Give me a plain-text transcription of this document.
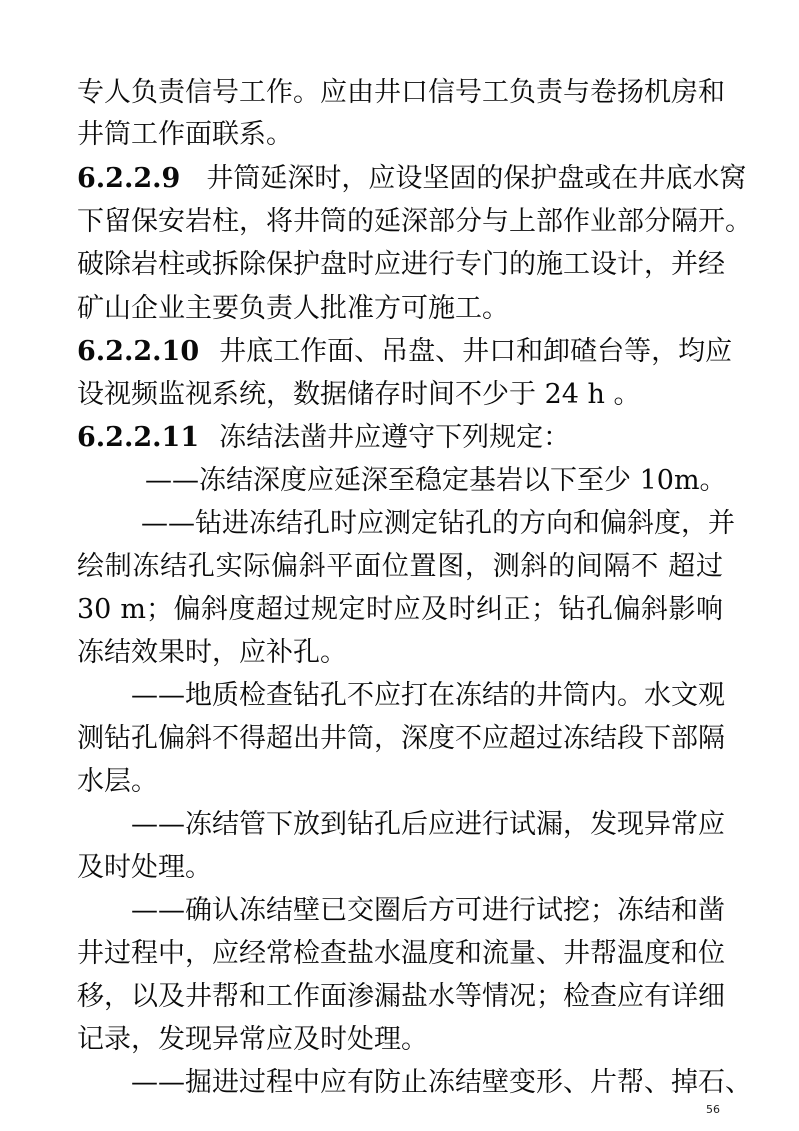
专人负责信号工作。应由井口信号工负责与卷扬机房和
井筒工作面联系。
6.2.2.9 井筒延深时，应设坚固的保护盘或在井底水窝
下留保安岩柱，将井筒的延深部分与上部作业部分隔开。
破除岩柱或拆除保护盘时应进行专门的施工设计，并经
矿山企业主要负责人批准方可施工。
6.2.2.10 井底工作面、吊盘、井口和卸碴台等，均应
设视频监视系统，数据储存时间不少于 24 h 。
6.2.2.11 冻结法凿井应遵守下列规定：
——冻结深度应延深至稳定基岩以下至少 10m。
——钻进冻结孔时应测定钻孔的方向和偏斜度，并
绘制冻结孔实际偏斜平面位置图，测斜的间隔不 超过
30 m；偏斜度超过规定时应及时纠正；钻孔偏斜影响
冻结效果时，应补孔。
——地质检查钻孔不应打在冻结的井筒内。水文观
测钻孔偏斜不得超出井筒，深度不应超过冻结段下部隔
水层。
——冻结管下放到钻孔后应进行试漏，发现异常应
及时处理。
——确认冻结壁已交圈后方可进行试挖；冻结和凿
井过程中，应经常检查盐水温度和流量、井帮温度和位
移，以及井帮和工作面渗漏盐水等情况；检查应有详细
记录，发现异常应及时处理。
——掘进过程中应有防止冻结壁变形、片帮、掉石、
56
